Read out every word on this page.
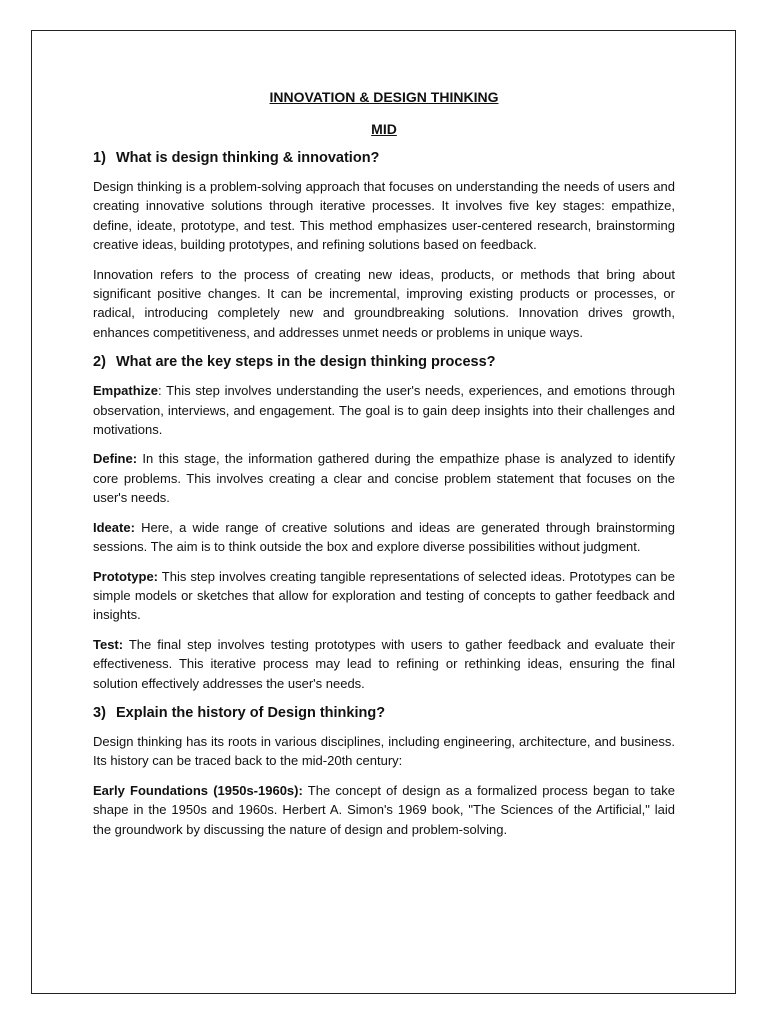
INNOVATION & DESIGN THINKING

MID

1) What is design thinking & innovation?

Design thinking is a problem-solving approach that focuses on understanding the needs of users and creating innovative solutions through iterative processes. It involves five key stages: empathize, define, ideate, prototype, and test. This method emphasizes user-centered research, brainstorming creative ideas, building prototypes, and refining solutions based on feedback.

Innovation refers to the process of creating new ideas, products, or methods that bring about significant positive changes. It can be incremental, improving existing products or processes, or radical, introducing completely new and groundbreaking solutions. Innovation drives growth, enhances competitiveness, and addresses unmet needs or problems in unique ways.

2) What are the key steps in the design thinking process?

Empathize: This step involves understanding the user's needs, experiences, and emotions through observation, interviews, and engagement. The goal is to gain deep insights into their challenges and motivations.

Define: In this stage, the information gathered during the empathize phase is analyzed to identify core problems. This involves creating a clear and concise problem statement that focuses on the user's needs.

Ideate: Here, a wide range of creative solutions and ideas are generated through brainstorming sessions. The aim is to think outside the box and explore diverse possibilities without judgment.

Prototype: This step involves creating tangible representations of selected ideas. Prototypes can be simple models or sketches that allow for exploration and testing of concepts to gather feedback and insights.

Test: The final step involves testing prototypes with users to gather feedback and evaluate their effectiveness. This iterative process may lead to refining or rethinking ideas, ensuring the final solution effectively addresses the user's needs.

3) Explain the history of Design thinking?

Design thinking has its roots in various disciplines, including engineering, architecture, and business. Its history can be traced back to the mid-20th century:

Early Foundations (1950s-1960s): The concept of design as a formalized process began to take shape in the 1950s and 1960s. Herbert A. Simon's 1969 book, "The Sciences of the Artificial," laid the groundwork by discussing the nature of design and problem-solving.
